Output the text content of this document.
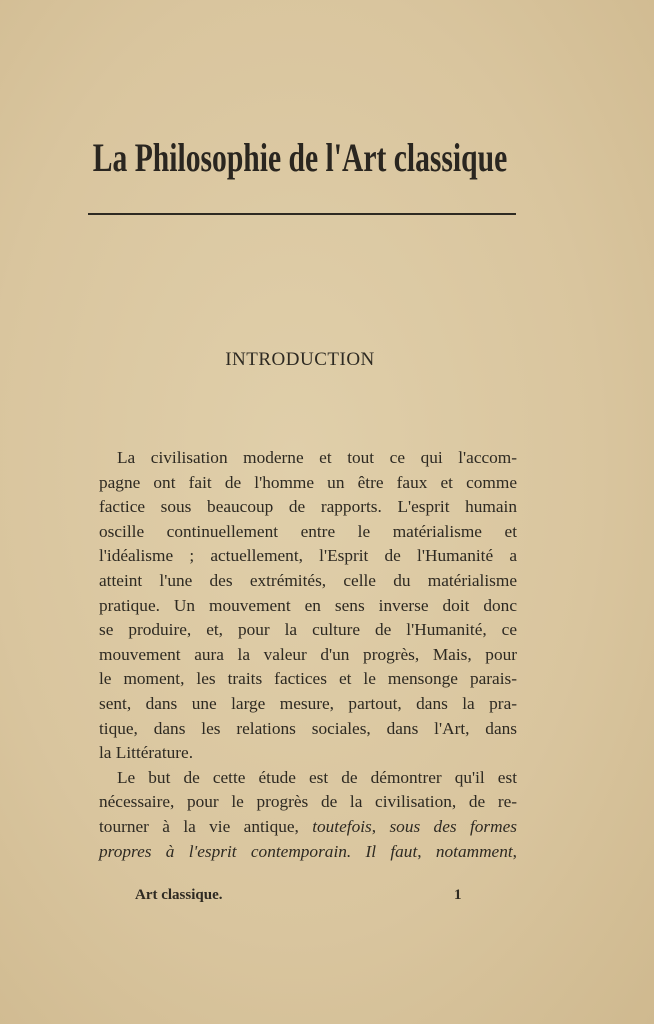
La Philosophie de l'Art classique
INTRODUCTION
La civilisation moderne et tout ce qui l'accom-
pagne ont fait de l'homme un être faux et comme
factice sous beaucoup de rapports. L'esprit humain
oscille continuellement entre le matérialisme et
l'idéalisme ; actuellement, l'Esprit de l'Humanité a
atteint l'une des extrémités, celle du matérialisme
pratique. Un mouvement en sens inverse doit donc
se produire, et, pour la culture de l'Humanité, ce
mouvement aura la valeur d'un progrès, Mais, pour
le moment, les traits factices et le mensonge parais-
sent, dans une large mesure, partout, dans la pra-
tique, dans les relations sociales, dans l'Art, dans
la Littérature.
Le but de cette étude est de démontrer qu'il est
nécessaire, pour le progrès de la civilisation, de re-
tourner à la vie antique, toutefois, sous des formes
propres à l'esprit contemporain. Il faut, notamment,
Art classique.	1
